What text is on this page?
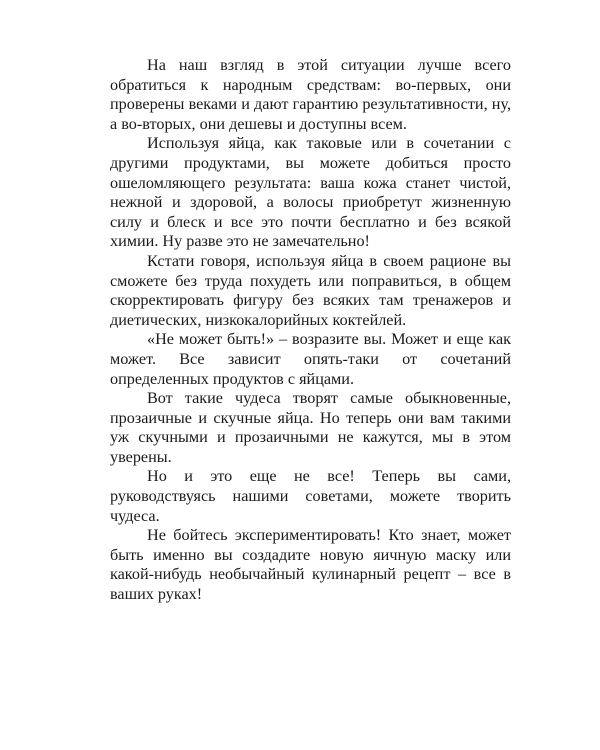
На наш взгляд в этой ситуации лучше всего обратиться к народным средствам: во-первых, они проверены веками и дают гарантию результативности, ну, а во-вторых, они дешевы и доступны всем.

Используя яйца, как таковые или в сочетании с другими продуктами, вы можете добиться просто ошеломляющего результата: ваша кожа станет чистой, нежной и здоровой, а волосы приобретут жизненную силу и блеск и все это почти бесплатно и без всякой химии. Ну разве это не замечательно!

Кстати говоря, используя яйца в своем рационе вы сможете без труда похудеть или поправиться, в общем скорректировать фигуру без всяких там тренажеров и диетических, низкокалорийных коктейлей.

«Не может быть!» – возразите вы. Может и еще как может. Все зависит опять-таки от сочетаний определенных продуктов с яйцами.

Вот такие чудеса творят самые обыкновенные, прозаичные и скучные яйца. Но теперь они вам такими уж скучными и прозаичными не кажутся, мы в этом уверены.

Но и это еще не все! Теперь вы сами, руководствуясь нашими советами, можете творить чудеса.

Не бойтесь экспериментировать! Кто знает, может быть именно вы создадите новую яичную маску или какой-нибудь необычайный кулинарный рецепт – все в ваших руках!
